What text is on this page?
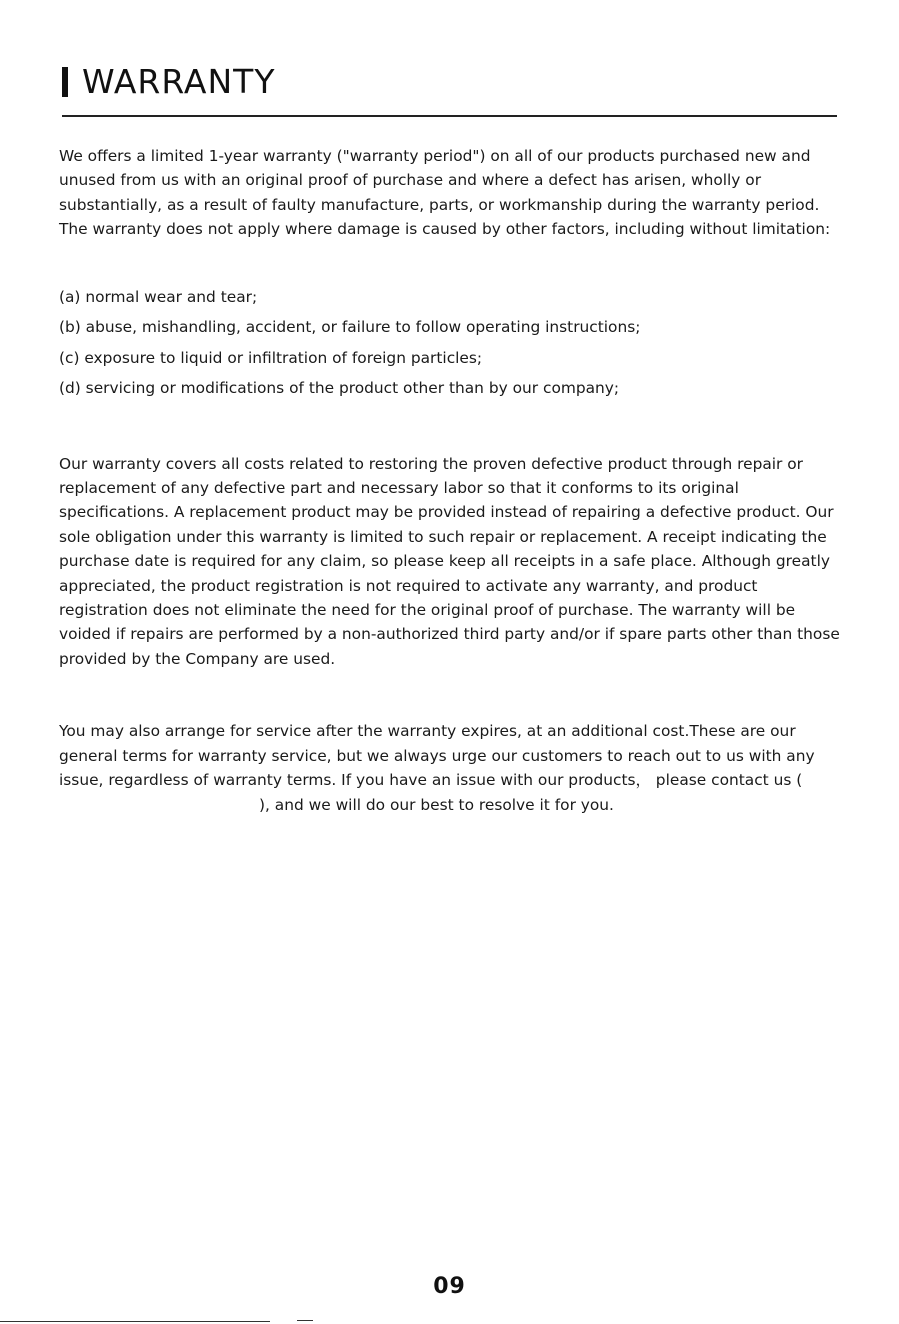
WARRANTY

We offers a limited 1-year warranty ("warranty period") on all of our products purchased new and unused from us with an original proof of purchase and where a defect has arisen, wholly or substantially, as a result of faulty manufacture, parts, or workmanship during the warranty period. The warranty does not apply where damage is caused by other factors, including without limitation:

(a) normal wear and tear;
(b) abuse, mishandling, accident, or failure to follow operating instructions;
(c) exposure to liquid or infiltration of foreign particles;
(d) servicing or modifications of the product other than by our company;

Our warranty covers all costs related to restoring the proven defective product through repair or replacement of any defective part and necessary labor so that it conforms to its original specifications. A replacement product may be provided instead of repairing a defective product. Our sole obligation under this warranty is limited to such repair or replacement. A receipt indicating the purchase date is required for any claim, so please keep all receipts in a safe place. Although greatly appreciated, the product registration is not required to activate any warranty, and product registration does not eliminate the need for the original proof of purchase. The warranty will be voided if repairs are performed by a non-authorized third party and/or if spare parts other than those provided by the Company are used.

You may also arrange for service after the warranty expires, at an additional cost.These are our general terms for warranty service, but we always urge our customers to reach out to us with any issue, regardless of warranty terms. If you have an issue with our products， please contact us (), and we will do our best to resolve it for you.

09
